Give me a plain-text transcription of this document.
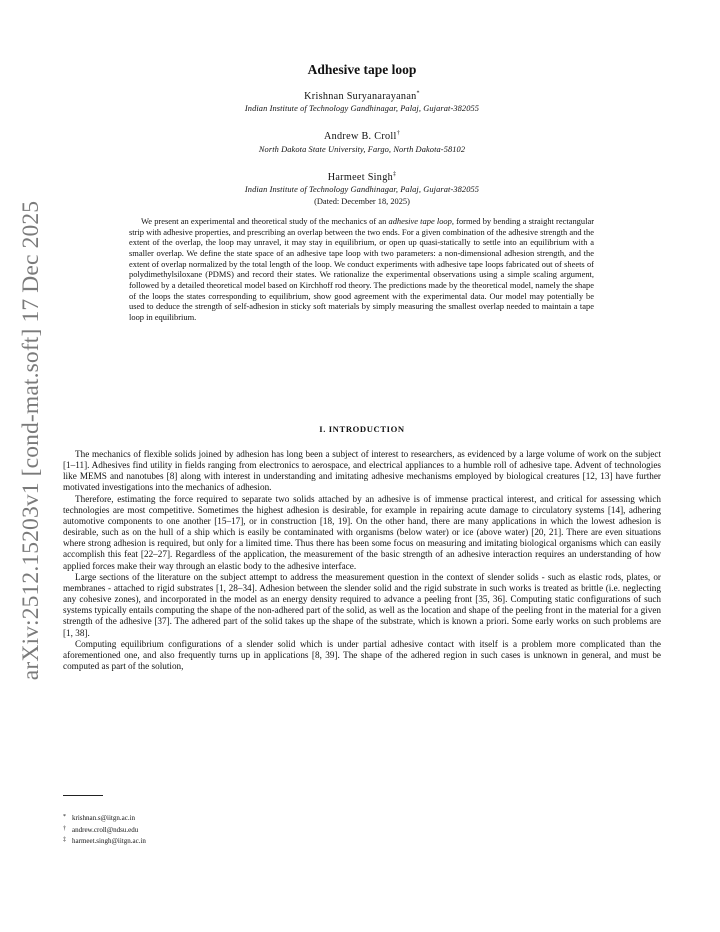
arXiv:2512.15203v1 [cond-mat.soft] 17 Dec 2025
Adhesive tape loop
Krishnan Suryanarayanan*
Indian Institute of Technology Gandhinagar, Palaj, Gujarat-382055
Andrew B. Croll†
North Dakota State University, Fargo, North Dakota-58102
Harmeet Singh‡
Indian Institute of Technology Gandhinagar, Palaj, Gujarat-382055
(Dated: December 18, 2025)

We present an experimental and theoretical study of the mechanics of an adhesive tape loop, formed by bending a straight rectangular strip with adhesive properties, and prescribing an overlap between the two ends. For a given combination of the adhesive strength and the extent of the overlap, the loop may unravel, it may stay in equilibrium, or open up quasi-statically to settle into an equilibrium with a smaller overlap. We define the state space of an adhesive tape loop with two parameters: a non-dimensional adhesion strength, and the extent of overlap normalized by the total length of the loop. We conduct experiments with adhesive tape loops fabricated out of sheets of polydimethylsiloxane (PDMS) and record their states. We rationalize the experimental observations using a simple scaling argument, followed by a detailed theoretical model based on Kirchhoff rod theory. The predictions made by the theoretical model, namely the shape of the loops the states corresponding to equilibrium, show good agreement with the experimental data. Our model may potentially be used to deduce the strength of self-adhesion in sticky soft materials by simply measuring the smallest overlap needed to maintain a tape loop in equilibrium.

I. INTRODUCTION

The mechanics of flexible solids joined by adhesion has long been a subject of interest to researchers, as evidenced by a large volume of work on the subject [1–11]. Adhesives find utility in fields ranging from electronics to aerospace, and electrical appliances to a humble roll of adhesive tape. Advent of technologies like MEMS and nanotubes [8] along with interest in understanding and imitating adhesive mechanisms employed by biological creatures [12, 13] have further motivated investigations into the mechanics of adhesion.

Therefore, estimating the force required to separate two solids attached by an adhesive is of immense practical interest, and critical for assessing which technologies are most competitive. Sometimes the highest adhesion is desirable, for example in repairing acute damage to circulatory systems [14], adhering automotive components to one another [15–17], or in construction [18, 19]. On the other hand, there are many applications in which the lowest adhesion is desirable, such as on the hull of a ship which is easily be contaminated with organisms (below water) or ice (above water) [20, 21]. There are even situations where strong adhesion is required, but only for a limited time. Thus there has been some focus on measuring and imitating biological organisms which can easily accomplish this feat [22–27]. Regardless of the application, the measurement of the basic strength of an adhesive interaction requires an understanding of how applied forces make their way through an elastic body to the adhesive interface.

Large sections of the literature on the subject attempt to address the measurement question in the context of slender solids - such as elastic rods, plates, or membranes - attached to rigid substrates [1, 28–34]. Adhesion between the slender solid and the rigid substrate in such works is treated as brittle (i.e. neglecting any cohesive zones), and incorporated in the model as an energy density required to advance a peeling front [35, 36]. Computing static configurations of such systems typically entails computing the shape of the non-adhered part of the solid, as well as the location and shape of the peeling front in the material for a given strength of the adhesive [37]. The adhered part of the solid takes up the shape of the substrate, which is known a priori. Some early works on such problems are [1, 38].

Computing equilibrium configurations of a slender solid which is under partial adhesive contact with itself is a problem more complicated than the aforementioned one, and also frequently turns up in applications [8, 39]. The shape of the adhered region in such cases is unknown in general, and must be computed as part of the solution,

* krishnan.s@iitgn.ac.in
† andrew.croll@ndsu.edu
‡ harmeet.singh@iitgn.ac.in
